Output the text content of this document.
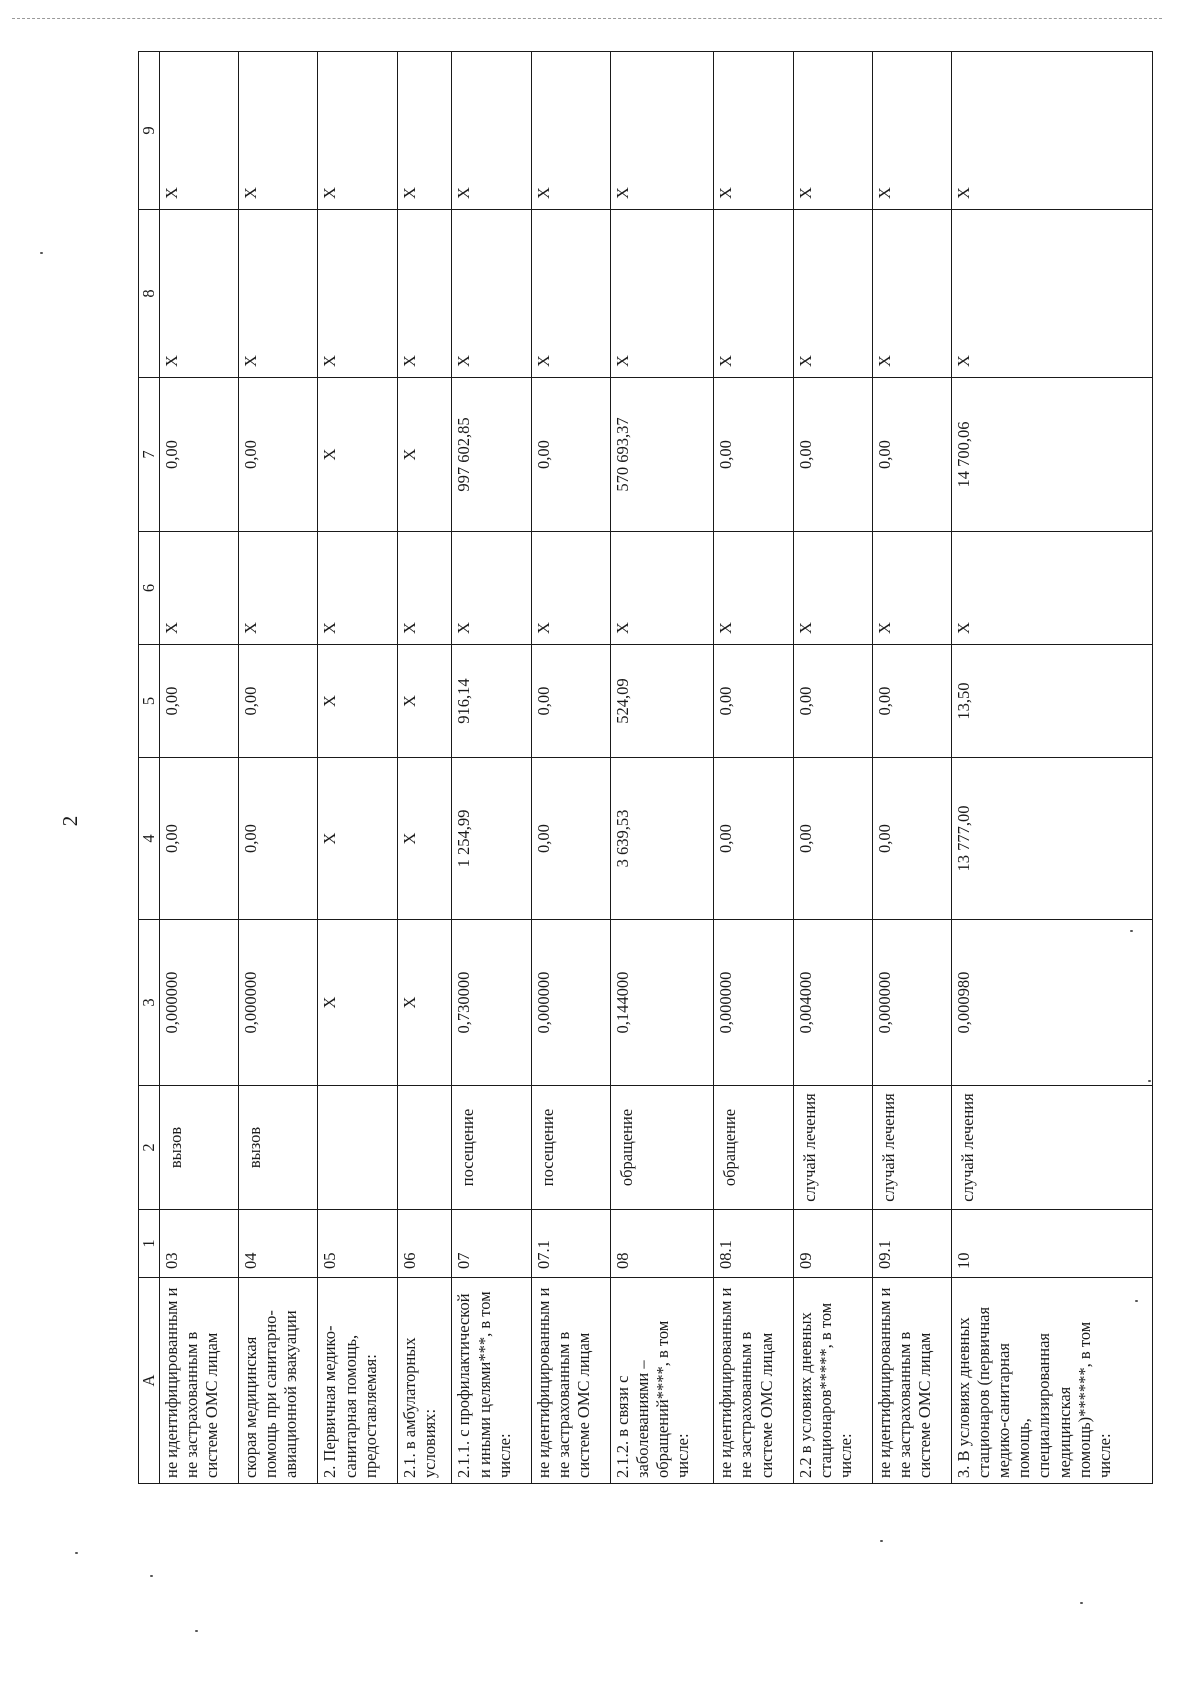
2
А	1	2	3	4	5	6	7	8	9
не идентифицированным и не застрахованным в системе ОМС лицам	03	вызов	0,000000	0,00	0,00	Х	0,00	Х	Х
скорая медицинская помощь при санитарно-авиационной эвакуации	04	вызов	0,000000	0,00	0,00	Х	0,00	Х	Х
2. Первичная медико-санитарная помощь, предоставляемая:	05		Х	Х	Х	Х	Х	Х	Х
2.1. в амбулаторных условиях:	06		Х	Х	Х	Х	Х	Х	Х
2.1.1. с профилактической и иными целями***, в том числе:	07	посещение	0,730000	1 254,99	916,14	Х	997 602,85	Х	Х
не идентифицированным и не застрахованным в системе ОМС лицам	07.1	посещение	0,000000	0,00	0,00	Х	0,00	Х	Х
2.1.2. в связи с заболеваниями – обращений****, в том числе:	08	обращение	0,144000	3 639,53	524,09	Х	570 693,37	Х	Х
не идентифицированным и не застрахованным в системе ОМС лицам	08.1	обращение	0,000000	0,00	0,00	Х	0,00	Х	Х
2.2 в условиях дневных стационаров*****, в том числе:	09	случай лечения	0,004000	0,00	0,00	Х	0,00	Х	Х
не идентифицированным и не застрахованным в системе ОМС лицам	09.1	случай лечения	0,000000	0,00	0,00	Х	0,00	Х	Х
3. В условиях дневных стационаров (первичная медико-санитарная помощь, специализированная медицинская помощь)******, в том числе:	10	случай лечения	0,000980	13 777,00	13,50	Х	14 700,06	Х	Х
